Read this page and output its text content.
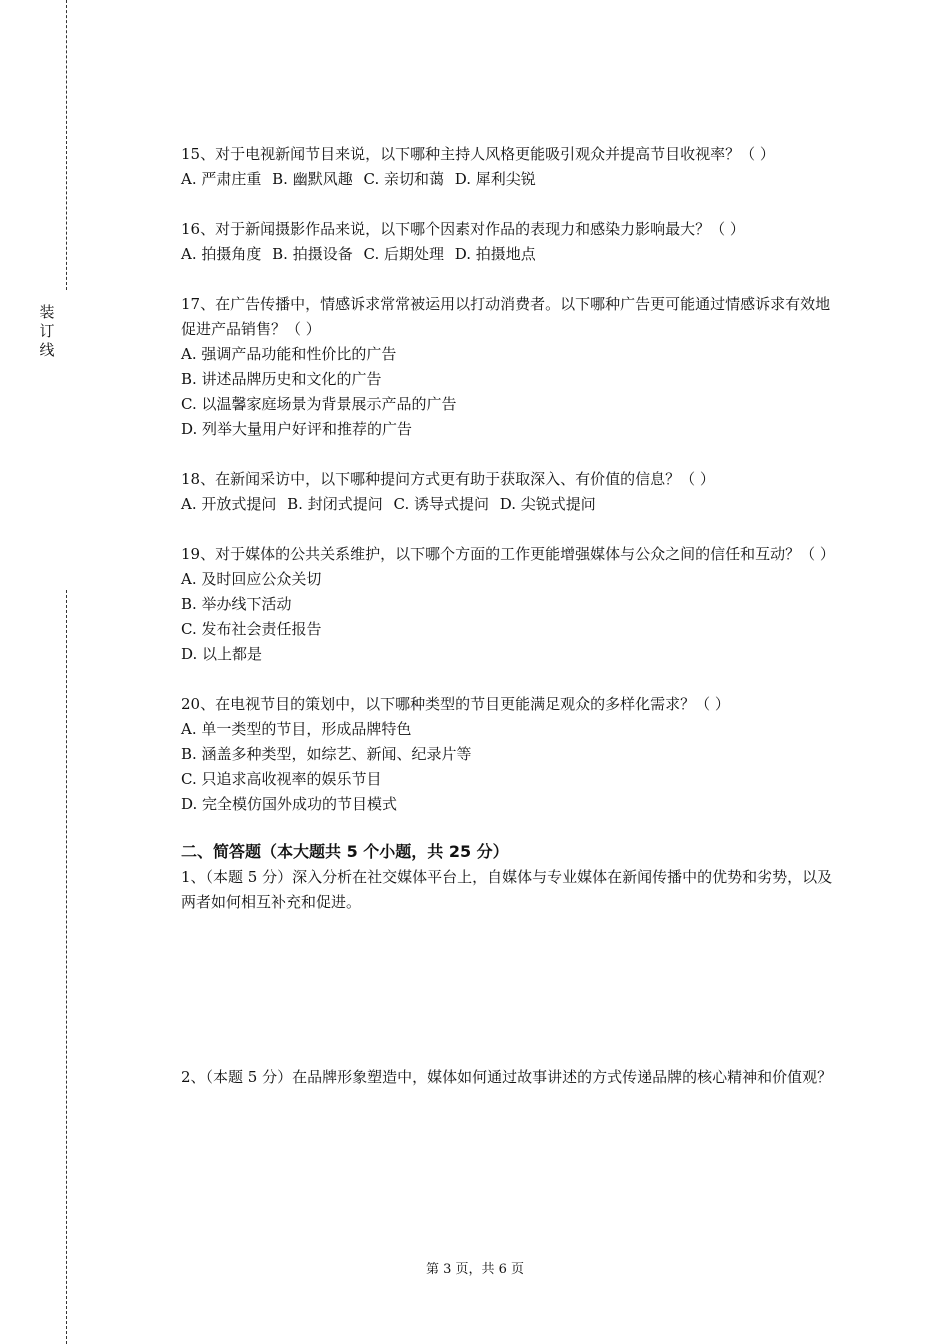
装
订
线

15、对于电视新闻节目来说，以下哪种主持人风格更能吸引观众并提高节目收视率？（ ）

A. 严肃庄重 B. 幽默风趣 C. 亲切和蔼 D. 犀利尖锐

16、对于新闻摄影作品来说，以下哪个因素对作品的表现力和感染力影响最大？（ ）

A. 拍摄角度 B. 拍摄设备 C. 后期处理 D. 拍摄地点

17、在广告传播中，情感诉求常常被运用以打动消费者。以下哪种广告更可能通过情感诉求有效地促进产品销售？（ ）

A. 强调产品功能和性价比的广告

B. 讲述品牌历史和文化的广告

C. 以温馨家庭场景为背景展示产品的广告

D. 列举大量用户好评和推荐的广告

18、在新闻采访中，以下哪种提问方式更有助于获取深入、有价值的信息？（ ）

A. 开放式提问 B. 封闭式提问 C. 诱导式提问 D. 尖锐式提问

19、对于媒体的公共关系维护，以下哪个方面的工作更能增强媒体与公众之间的信任和互动？（ ）

A. 及时回应公众关切

B. 举办线下活动

C. 发布社会责任报告

D. 以上都是

20、在电视节目的策划中，以下哪种类型的节目更能满足观众的多样化需求？（ ）

A. 单一类型的节目，形成品牌特色

B. 涵盖多种类型，如综艺、新闻、纪录片等

C. 只追求高收视率的娱乐节目

D. 完全模仿国外成功的节目模式

二、简答题（本大题共 5 个小题，共 25 分）

1、（本题 5 分）深入分析在社交媒体平台上，自媒体与专业媒体在新闻传播中的优势和劣势，以及两者如何相互补充和促进。

2、（本题 5 分）在品牌形象塑造中，媒体如何通过故事讲述的方式传递品牌的核心精神和价值观？

第 3 页，共 6 页
